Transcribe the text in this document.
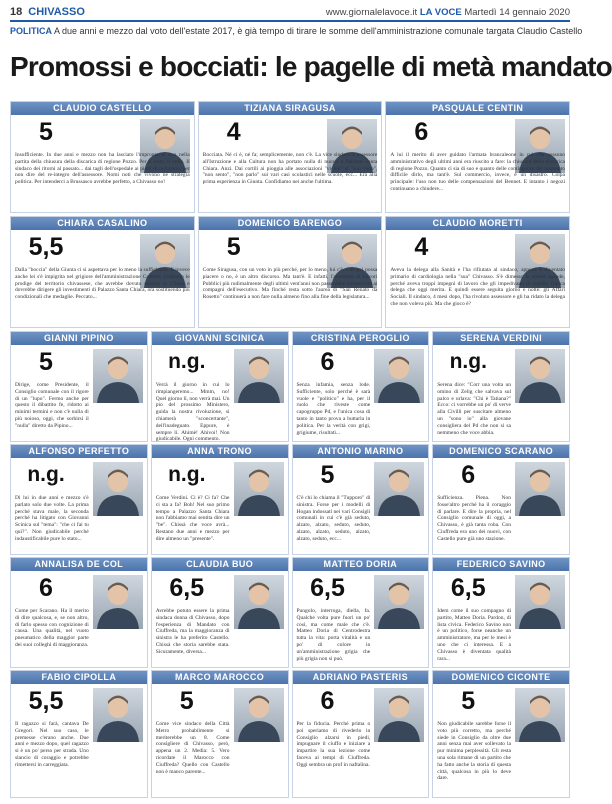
18 CHIVASSO	www.giornalelavoce.it LA VOCE Martedì 14 gennaio 2020
POLITICA A due anni e mezzo dal voto dell'estate 2017, è già tempo di tirare le somme dell'amministrazione comunale targata Claudio Castello
Promossi e bocciati: le pagelle di metà mandato
CLAUDIO CASTELLO
5
Insufficiente. In due anni e mezzo non ha lasciato l'impronta se non nella partita della chiusura della discarica di regione Pozzo. Per il resto, il nulla. Il sindaco dei ritorni al passato... dai tagli dell'ospedale ai piatti di rechiamo, per non dire del re-integro dell'assessore. Nomi noti che vivono né strategia politica. Per intenderci a Brussasco avrebbe perfetto, a Chivasso no!
TIZIANA SIRAGUSA
4
Bocciata. Né ci è, né fa; semplicemente, non c'è. La vice sindaco e assessore all'Istruzione e alla Cultura non ha portato nulla di nuovo a Palazzo Santa Chiara. Anzi. Dai cortili ai pioggia alle associazioni "vicine" al "suo vedo", "non sento", "non parlo" sui vari casi scolastici nelle scuole, ecc... Era alla prima esperienza in Giunta. Confidiamo nei anche l'ultima.
PASQUALE CENTIN
6
A lui il merito di aver guidato l'armata brancaleone in cui che nessuno amministrativo degli ultimi anni era riuscito a fare: la chiusura della discarica di regione Pozzo. Quanto ci sia di suo e quanto delle contingenze del momento difficile dirlo, ma tant'è. Sul commercio, invece, è un disastro. Colpa principale: l'uso non tuo delle compensazioni del Bennet. E intanto i negozi continuano a chiudere...
CHIARA CASALINO
5,5
Dalla "boccia" della Giunta ci si aspettava per lo meno la sufficienza. E invece anche lei s'è impigrita nel grigiore dell'amministrazione Castello. Lodiamo le prodige del territorio chivassese, che avrebbe dovuto salvare le Chiesi e dovrebbe dirigere gli investimenti di Palazzo Santa Chiara, ora sostituendo più condizionali che medaglie. Peccato...
DOMENICO BARENGO
5
Come Siragusa, con un voto in più perché, per lo meno, lui c'è. Che poi possa piacere o no, è un altro discorso. Ma tant'è. E infatti, l'assessore ai Lavori Pubblici più rudimalmente degli ultimi vent'anni non passerebbe inosservato ai compagni dell'esecutivo. Ma finché resta sotto l'aurea di "San Renato da Rosetto" continuerà a non fare nulla almeno fino alla fine della legislatura...
CLAUDIO MORETTI
4
Aveva la delega alla Sanità e l'ha rifiutata al sindaco, appena è diventato primario di cardiologia nella "sua" Chivasso. S'è dimesso le scorse agende, perché aveva troppi impegni di lavoro che gli impedivano di seguire l'unica delega che oggi merita. E quindi essere seguita giorno e notte: gli Affari Sociali. Il sindaco, 4 mesi dopo, l'ha rivoluto assessore e gli ha ridato la delega che non voleva più. Ma che gioco è?
GIANNI PIPINO
5
Dirige, come Presidente, il Consiglio comunale con il rigore di un "lupo". Fermo anche per questo il dibattito fe, ridotto ai minimi termini e non c'è nulla di più noioso, oggi, che sorbirsi il "nulla" diretto da Pipino...
GIOVANNI SCINICA
n.g.
Verrà il giorno in cui lo rimpiangeremo... Mmm, no! Quel giorno lì, non verrà mai. Un pio del prossimo Ministero, guida la nostra rivoluzione, si chiamerà "sconcertante", dell'inadeguato. Eppure, è sempre lì. Ahimè! Ahivoi! Non giudicabile. Ogni commento.
CRISTINA PEROGLIO
6
Senza infamia, senza lode. Sufficiente, solo perché è sarà vuole e "politico" e ha, per il ruolo che riveste come capogruppo Pd, e l'unica cosa di tanto in tanto prova a buttarla in politica. Per la verità con grigi, grigiume, risultati...
SERENA VERDINI
n.g.
Serena dice: "Corr una volta un omino di Zelig che salvava sul palco e urlava: "Chi è Tatiana?" Ecco: ci vorrebbe un po' di verve alla Civilli per suscitare almeno un "sono io" alla giovane consigliera del Pd che non si sa nemmeno che voce abbia.
ALFONSO PERFETTO
n.g.
Di lui in due anni e mezzo s'è parlato solo due volte. La prima perché stava male, la seconda perché ha litigato con Giovanni Scinica sul "tema": "che ci fai tu qui?". Non giudicabile perché indaustificabile pure lo stato...
ANNA TRONO
n.g.
Come Verdini. Ci è? Ci fa? Che ci sta a fa? Boh! Nel suo primo tempo a Palazzo Santa Chiara non l'abbiamo mai sentita dire un "be". Chissà che voce avrà... Restano due anni e mezzo per dire almeno un "presente".
ANTONIO MARINO
5
C'è chi lo chiama il "Tupporo" di sinistra. Forse per i modelli di Hogan indossati nei vari Consigli comunali in cui c'è già seduto, alzato, alzato, seduto, seduto, alzato, alzato, seduto, alzato, alzato, seduto, ecc...
DOMENICO SCARANO
6
Sufficienza. Piena. Non fosse'altro perché ha il coraggio di parlare. E dire la propria, nel Consiglio comunale di oggi, a Chivasso, è già tanta roba. Con Ciuffreda era uno dei nuovi, con Castello pure già uno stazione.
ANNALISA DE COL
6
Come per Scarano. Ha il merito di dire qualcosa, e, se non altro, di farlo spesso con cognizione di causa. Una qualità, nel vuoto pneumatico della maggior parte dei suoi colleghi di maggioranza.
CLAUDIA BUO
6,5
Avrebbe potuto essere la prima sindaca donna di Chivasso, dopo l'esperienza di Mandato con Ciuffreda, ma la maggioranza di sinistra le ha preferito Castello. Chissà che storia sarebbe stata. Sicuramente, diversa...
MATTEO DORIA
6,5
Pungolo, interroga, diella, fa. Qualche volta pure fuori un po' così, ma come male che c'è. Matteo Doria di Centrodestra tutta la vita: porta vitalità e un po' di colore in un'amministrazione grigia che più grigia non si può.
FEDERICO SAVINO
6,5
Idem come il suo compagno di partito, Matteo Doria. Pardon, di lista civica. Federico Savino non è un politico, forse neanche un amministratore, ma per le mesi è uno che ci interessa. E a Chivasso è diventata qualità rara...
FABIO CIPOLLA
5,5
Il ragazzo si farà, cantava De Gregori. Nel suo caso, le premesse c'erano anche. Due anni e mezzo dopo, quel ragazzo si è un po' perso per strada. Uno slancio di coraggio e potrebbe rimettersi in carreggiata.
MARCO MAROCCO
5
Come vice sindaco della Città Metro probabilmente si meriterebbe un 8. Come consigliere di Chivasso, però, appena un 2. Media: 5. Vero ricordate il Marocco con Ciuffreda? Quello con Castello non è manco parente...
ADRIANO PASTERIS
6
Per la fiducia. Perché prima o poi speriamo di rivederlo in Consiglio alzarsi in piedi, impugnare il ciuffo e iniziare a impartire la sua lezione come faceva ai tempi di Ciuffreda. Oggi sembra un prof in naftalina.
DOMENICO CICONTE
5
Non giudicabile sarebbe forse il voto più corretto, ma perché siede in Consiglio da oltre due anni senza mai aver sollevato la pur minima perplessità. Gli resta una sola rimane di un partito che ha fatto anche la storia di questa città, qualcosa in più lo deve dare.
